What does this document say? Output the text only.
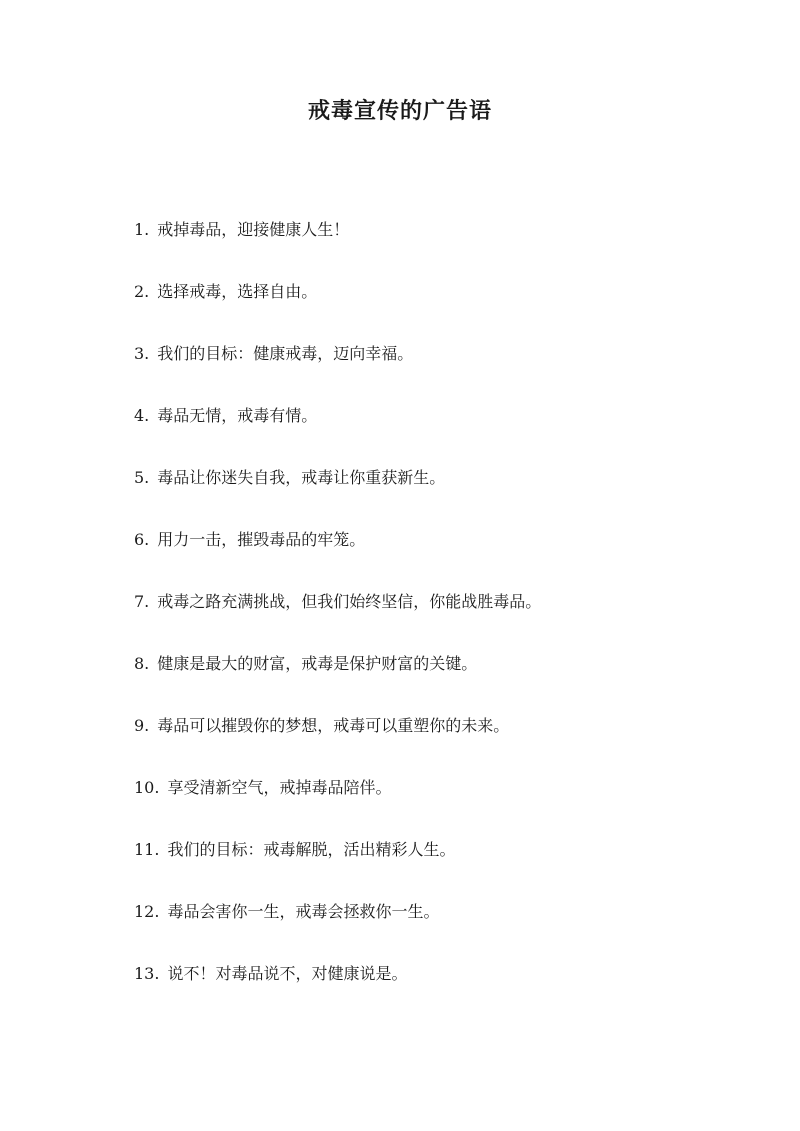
戒毒宣传的广告语
1. 戒掉毒品，迎接健康人生！
2. 选择戒毒，选择自由。
3. 我们的目标：健康戒毒，迈向幸福。
4. 毒品无情，戒毒有情。
5. 毒品让你迷失自我，戒毒让你重获新生。
6. 用力一击，摧毁毒品的牢笼。
7. 戒毒之路充满挑战，但我们始终坚信，你能战胜毒品。
8. 健康是最大的财富，戒毒是保护财富的关键。
9. 毒品可以摧毁你的梦想，戒毒可以重塑你的未来。
10. 享受清新空气，戒掉毒品陪伴。
11. 我们的目标：戒毒解脱，活出精彩人生。
12. 毒品会害你一生，戒毒会拯救你一生。
13. 说不！对毒品说不，对健康说是。
